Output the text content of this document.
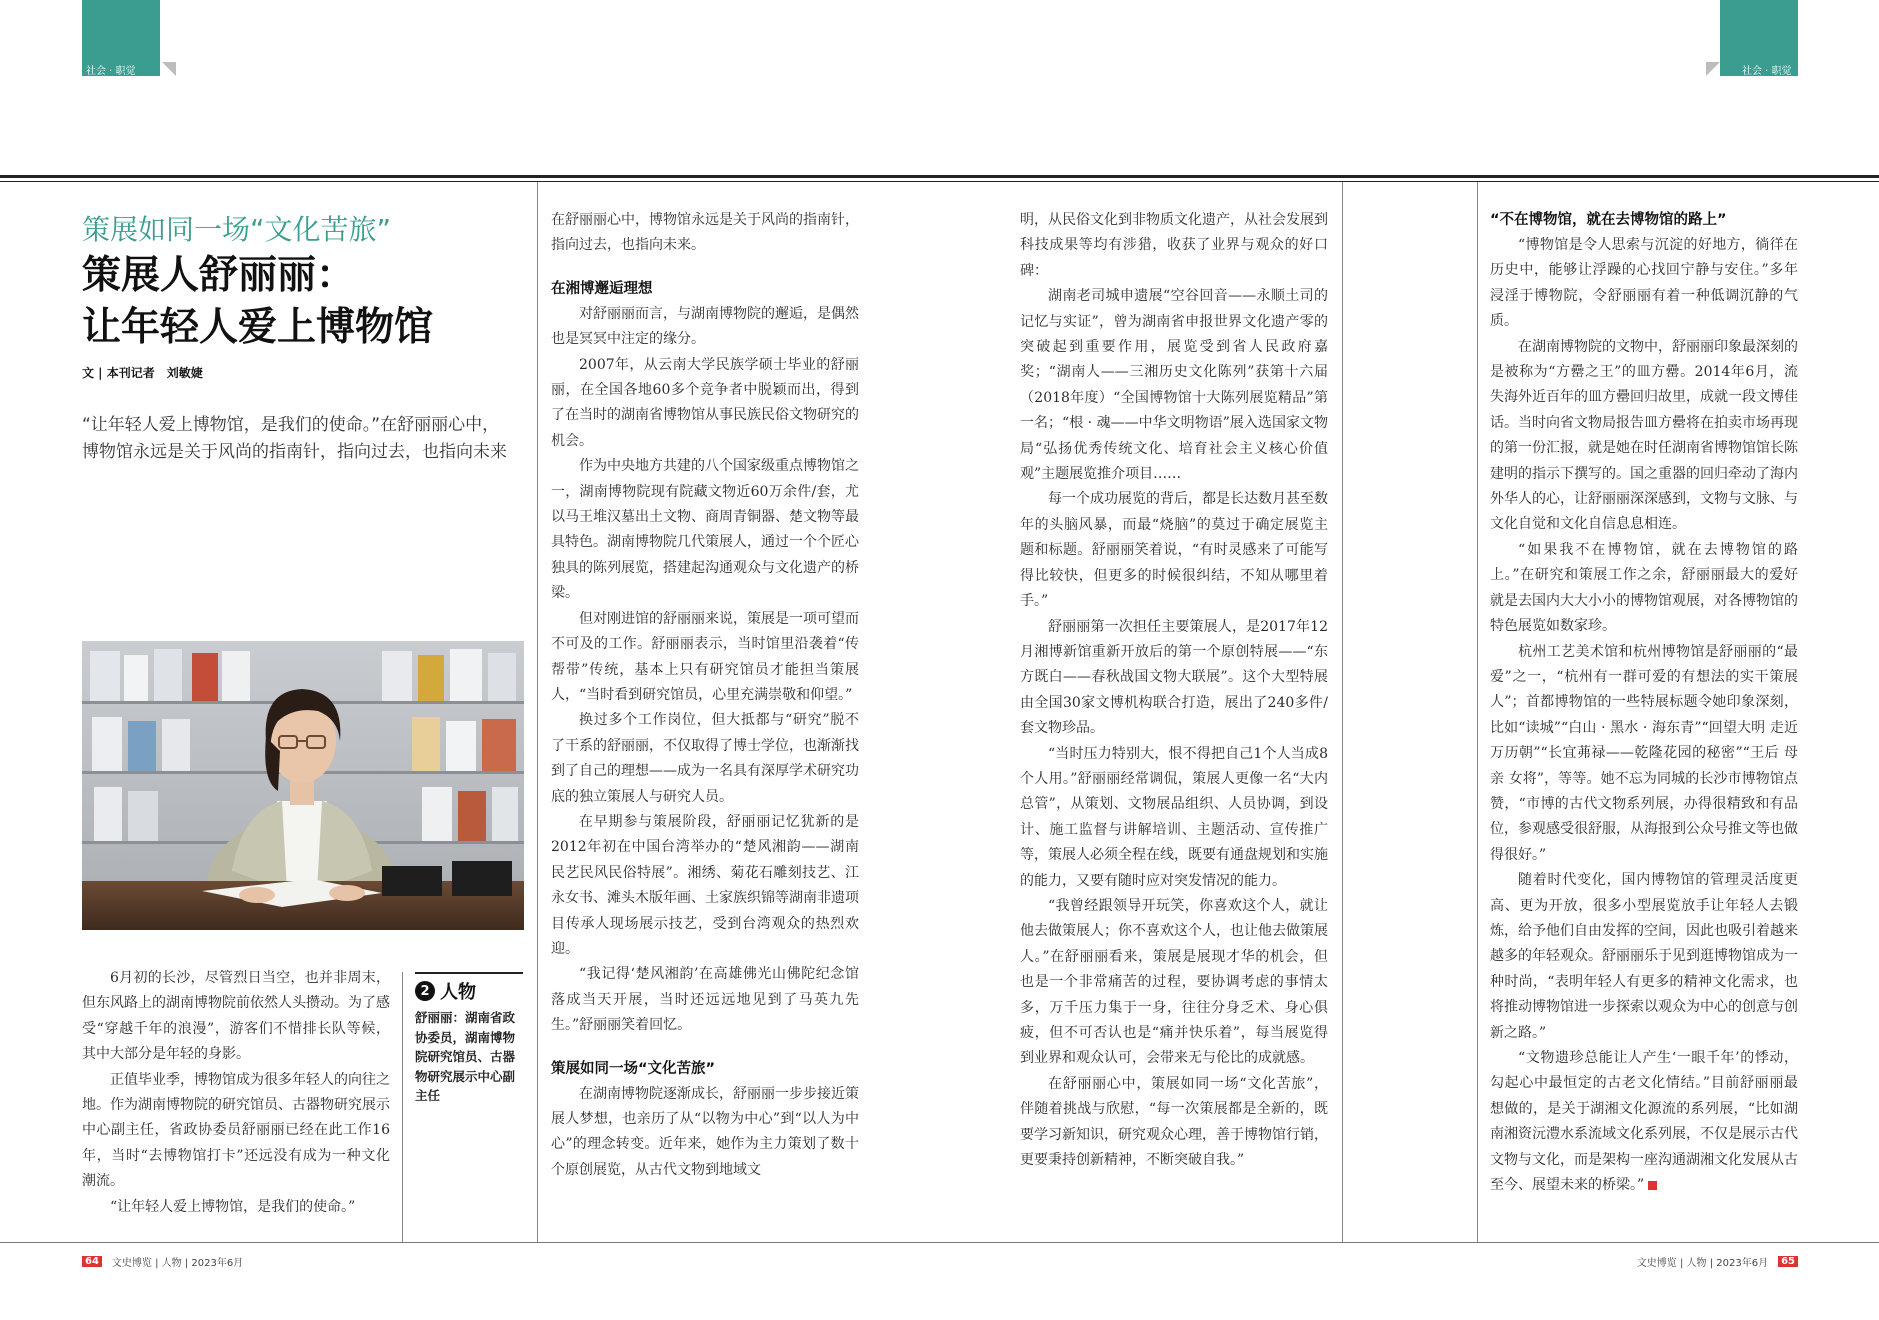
社会 · 职觉	社会 · 职觉
策展如同一场“文化苦旅”
策展人舒丽丽：
让年轻人爱上博物馆
文 | 本刊记者　刘敏婕
“让年轻人爱上博物馆，是我们的使命。”在舒丽丽心中，博物馆永远是关于风尚的指南针，指向过去，也指向未来

6月初的长沙，尽管烈日当空，也并非周末，但东风路上的湖南博物院前依然人头攒动。为了感受“穿越千年的浪漫”，游客们不惜排长队等候，其中大部分是年轻的身影。

正值毕业季，博物馆成为很多年轻人的向往之地。作为湖南博物院的研究馆员、古器物研究展示中心副主任，省政协委员舒丽丽已经在此工作16年，当时“去博物馆打卡”还远没有成为一种文化潮流。

“让年轻人爱上博物馆，是我们的使命。”

2 人物
舒丽丽：湖南省政协委员，湖南博物院研究馆员、古器物研究展示中心副主任

在舒丽丽心中，博物馆永远是关于风尚的指南针，指向过去，也指向未来。

在湘博邂逅理想

对舒丽丽而言，与湖南博物院的邂逅，是偶然也是冥冥中注定的缘分。

2007年，从云南大学民族学硕士毕业的舒丽丽，在全国各地60多个竞争者中脱颖而出，得到了在当时的湖南省博物馆从事民族民俗文物研究的机会。

作为中央地方共建的八个国家级重点博物馆之一，湖南博物院现有院藏文物近60万余件/套，尤以马王堆汉墓出土文物、商周青铜器、楚文物等最具特色。湖南博物院几代策展人，通过一个个匠心独具的陈列展览，搭建起沟通观众与文化遗产的桥梁。

但对刚进馆的舒丽丽来说，策展是一项可望而不可及的工作。舒丽丽表示，当时馆里沿袭着“传帮带”传统，基本上只有研究馆员才能担当策展人，“当时看到研究馆员，心里充满崇敬和仰望。”

换过多个工作岗位，但大抵都与“研究”脱不了干系的舒丽丽，不仅取得了博士学位，也渐渐找到了自己的理想——成为一名具有深厚学术研究功底的独立策展人与研究人员。

在早期参与策展阶段，舒丽丽记忆犹新的是2012年初在中国台湾举办的“楚风湘韵——湖南民艺民风民俗特展”。湘绣、菊花石雕刻技艺、江永女书、滩头木版年画、土家族织锦等湖南非遗项目传承人现场展示技艺，受到台湾观众的热烈欢迎。

“我记得‘楚风湘韵’在高雄佛光山佛陀纪念馆落成当天开展，当时还远远地见到了马英九先生。”舒丽丽笑着回忆。

策展如同一场“文化苦旅”

在湖南博物院逐渐成长，舒丽丽一步步接近策展人梦想，也亲历了从“以物为中心”到“以人为中心”的理念转变。近年来，她作为主力策划了数十个原创展览，从古代文物到地域文

明，从民俗文化到非物质文化遗产，从社会发展到科技成果等均有涉猎，收获了业界与观众的好口碑：

湖南老司城申遗展“空谷回音——永顺土司的记忆与实证”，曾为湖南省申报世界文化遗产零的突破起到重要作用，展览受到省人民政府嘉奖；“湖南人——三湘历史文化陈列”获第十六届（2018年度）“全国博物馆十大陈列展览精品”第一名；“根 · 魂——中华文明物语”展入选国家文物局“弘扬优秀传统文化、培育社会主义核心价值观”主题展览推介项目……

每一个成功展览的背后，都是长达数月甚至数年的头脑风暴，而最“烧脑”的莫过于确定展览主题和标题。舒丽丽笑着说，“有时灵感来了可能写得比较快，但更多的时候很纠结，不知从哪里着手。”

舒丽丽第一次担任主要策展人，是2017年12月湘博新馆重新开放后的第一个原创特展——“东方既白——春秋战国文物大联展”。这个大型特展由全国30家文博机构联合打造，展出了240多件/套文物珍品。

“当时压力特别大，恨不得把自己1个人当成8个人用。”舒丽丽经常调侃，策展人更像一名“大内总管”，从策划、文物展品组织、人员协调，到设计、施工监督与讲解培训、主题活动、宣传推广等，策展人必须全程在线，既要有通盘规划和实施的能力，又要有随时应对突发情况的能力。

“我曾经跟领导开玩笑，你喜欢这个人，就让他去做策展人；你不喜欢这个人，也让他去做策展人。”在舒丽丽看来，策展是展现才华的机会，但也是一个非常痛苦的过程，要协调考虑的事情太多，万千压力集于一身，往往分身乏术、身心俱疲，但不可否认也是“痛并快乐着”，每当展览得到业界和观众认可，会带来无与伦比的成就感。

在舒丽丽心中，策展如同一场“文化苦旅”，伴随着挑战与欣慰，“每一次策展都是全新的，既要学习新知识，研究观众心理，善于博物馆行销，更要秉持创新精神，不断突破自我。”

“不在博物馆，就在去博物馆的路上”

“博物馆是令人思索与沉淀的好地方，徜徉在历史中，能够让浮躁的心找回宁静与安住。”多年浸淫于博物院，令舒丽丽有着一种低调沉静的气质。

在湖南博物院的文物中，舒丽丽印象最深刻的是被称为“方罍之王”的皿方罍。2014年6月，流失海外近百年的皿方罍回归故里，成就一段文博佳话。当时向省文物局报告皿方罍将在拍卖市场再现的第一份汇报，就是她在时任湖南省博物馆馆长陈建明的指示下撰写的。国之重器的回归牵动了海内外华人的心，让舒丽丽深深感到，文物与文脉、与文化自觉和文化自信息息相连。

“如果我不在博物馆，就在去博物馆的路上。”在研究和策展工作之余，舒丽丽最大的爱好就是去国内大大小小的博物馆观展，对各博物馆的特色展览如数家珍。

杭州工艺美术馆和杭州博物馆是舒丽丽的“最爱”之一，“杭州有一群可爱的有想法的实干策展人”；首都博物馆的一些特展标题令她印象深刻，比如“读城”“白山 · 黑水 · 海东青”“回望大明 走近万历朝”“长宜茀禄——乾隆花园的秘密”“王后 母亲 女将”，等等。她不忘为同城的长沙市博物馆点赞，“市博的古代文物系列展，办得很精致和有品位，参观感受很舒服，从海报到公众号推文等也做得很好。”

随着时代变化，国内博物馆的管理灵活度更高、更为开放，很多小型展览放手让年轻人去锻炼，给予他们自由发挥的空间，因此也吸引着越来越多的年轻观众。舒丽丽乐于见到逛博物馆成为一种时尚，“表明年轻人有更多的精神文化需求，也将推动博物馆进一步探索以观众为中心的创意与创新之路。”

“文物遗珍总能让人产生‘一眼千年’的悸动，勾起心中最恒定的古老文化情结。”目前舒丽丽最想做的，是关于湖湘文化源流的系列展，“比如湖南湘资沅澧水系流域文化系列展，不仅是展示古代文物与文化，而是架构一座沟通湖湘文化发展从古至今、展望未来的桥梁。”

64	文史博览 | 人物 | 2023年6月	文史博览 | 人物 | 2023年6月	65
